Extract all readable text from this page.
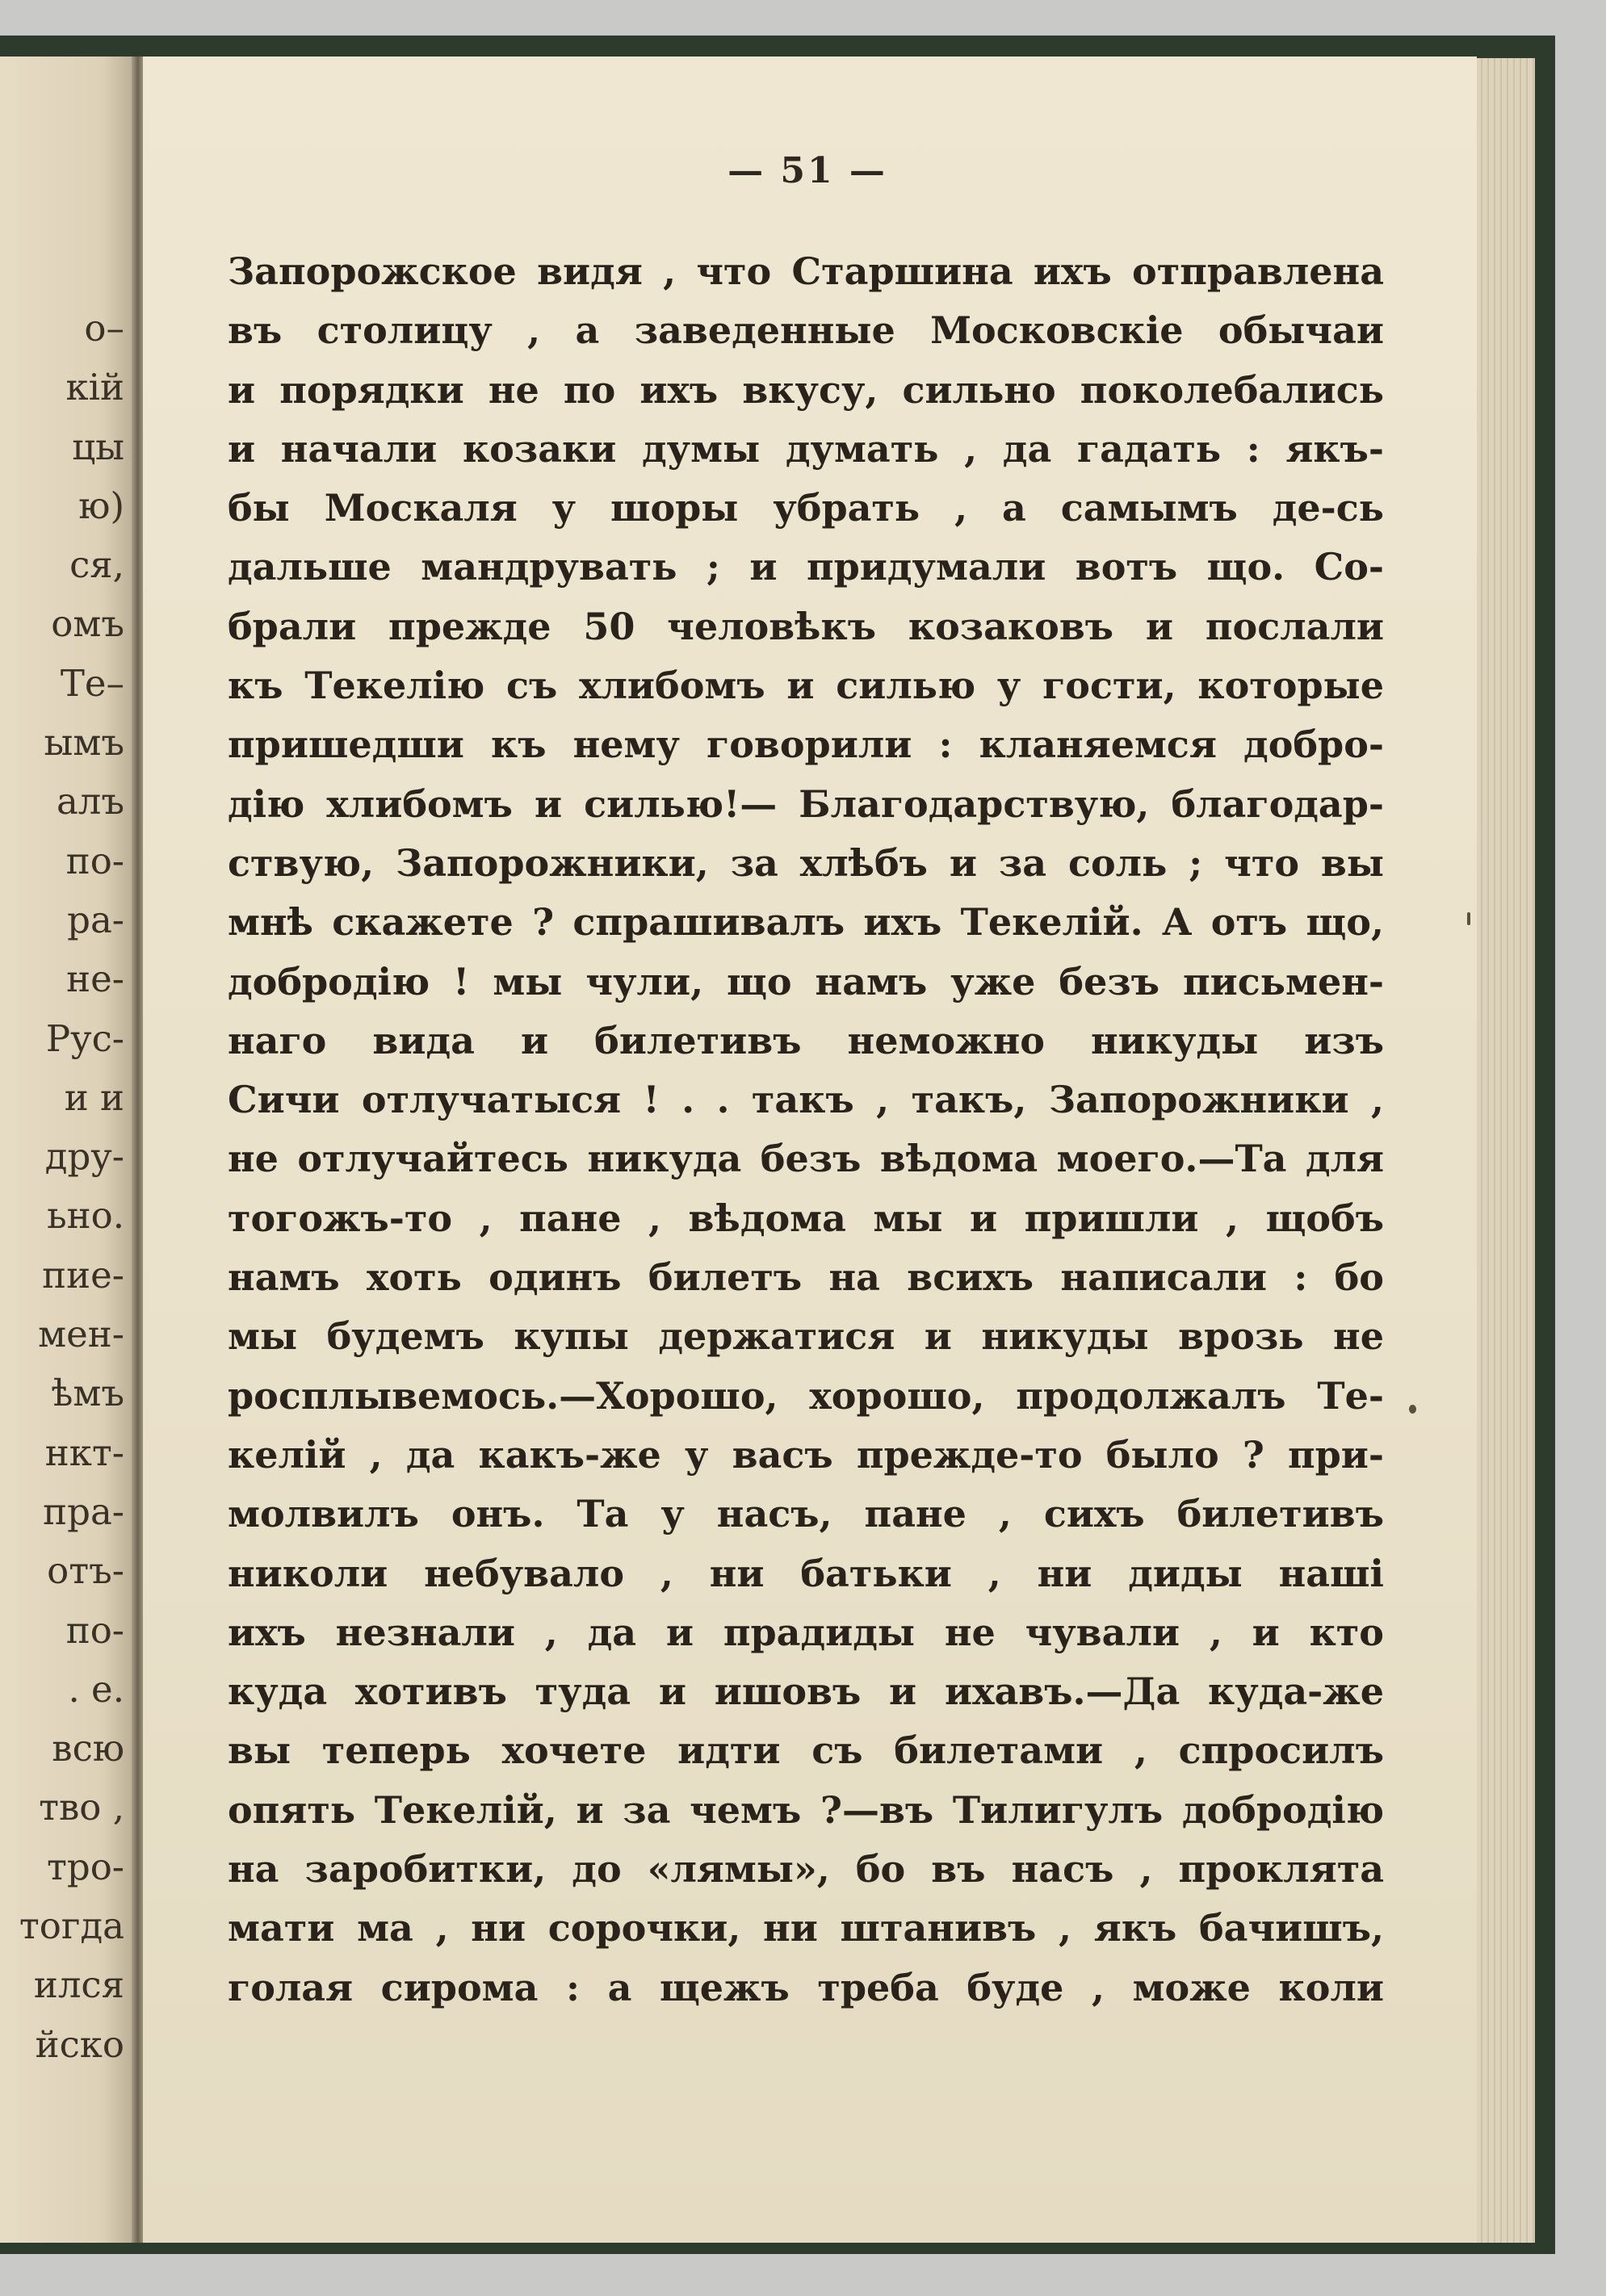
о–
кій
цы
ю)
ся,
омъ
Те–
ымъ
алъ
по-
ра-
не-
Рус-
и и
дру-
ьно.
пие-
мен-
ѣмъ
нкт-
пра-
отъ-
по-
. е.
всю
тво ,
тро-
тогда
ился
йско
— 51 —
Запорожское видя , что Старшина ихъ отправлена
въ столицу , а заведенные Московскіе обычаи
и порядки не по ихъ вкусу, сильно поколебались
и начали козаки думы думать , да гадать : якъ-
бы Москаля у шоры убрать , а самымъ де-сь
дальше мандрувать ; и придумали вотъ що. Со-
брали прежде 50 человѣкъ козаковъ и послали
къ Текелію съ хлибомъ и силью у гости, которые
пришедши къ нему говорили : кланяемся добро-
дію хлибомъ и силью!— Благодарствую, благодар-
ствую, Запорожники, за хлѣбъ и за соль ; что вы
мнѣ скажете ? спрашивалъ ихъ Текелій. А отъ що,
добродію ! мы чули, що намъ уже безъ письмен-
наго вида и билетивъ неможно никуды изъ
Сичи отлучатыся ! . . такъ , такъ, Запорожники ,
не отлучайтесь никуда безъ вѣдома моего.—Та для
тогожъ-то , пане , вѣдома мы и пришли , щобъ
намъ хоть одинъ билетъ на всихъ написали : бо
мы будемъ купы держатися и никуды врозь не
росплывемось.—Хорошо, хорошо, продолжалъ Те-
келій , да какъ-же у васъ прежде-то было ? при-
молвилъ онъ. Та у насъ, пане , сихъ билетивъ
николи небувало , ни батьки , ни диды нашi
ихъ незнали , да и прадиды не чували , и кто
куда хотивъ туда и ишовъ и ихавъ.—Да куда-же
вы теперь хочете идти съ билетами , спросилъ
опять Текелій, и за чемъ ?—въ Тилигулъ добродію
на заробитки, до «лямы», бо въ насъ , проклята
мати ма , ни сорочки, ни штанивъ , якъ бачишъ,
голая сирома : а щежъ треба буде , може коли
